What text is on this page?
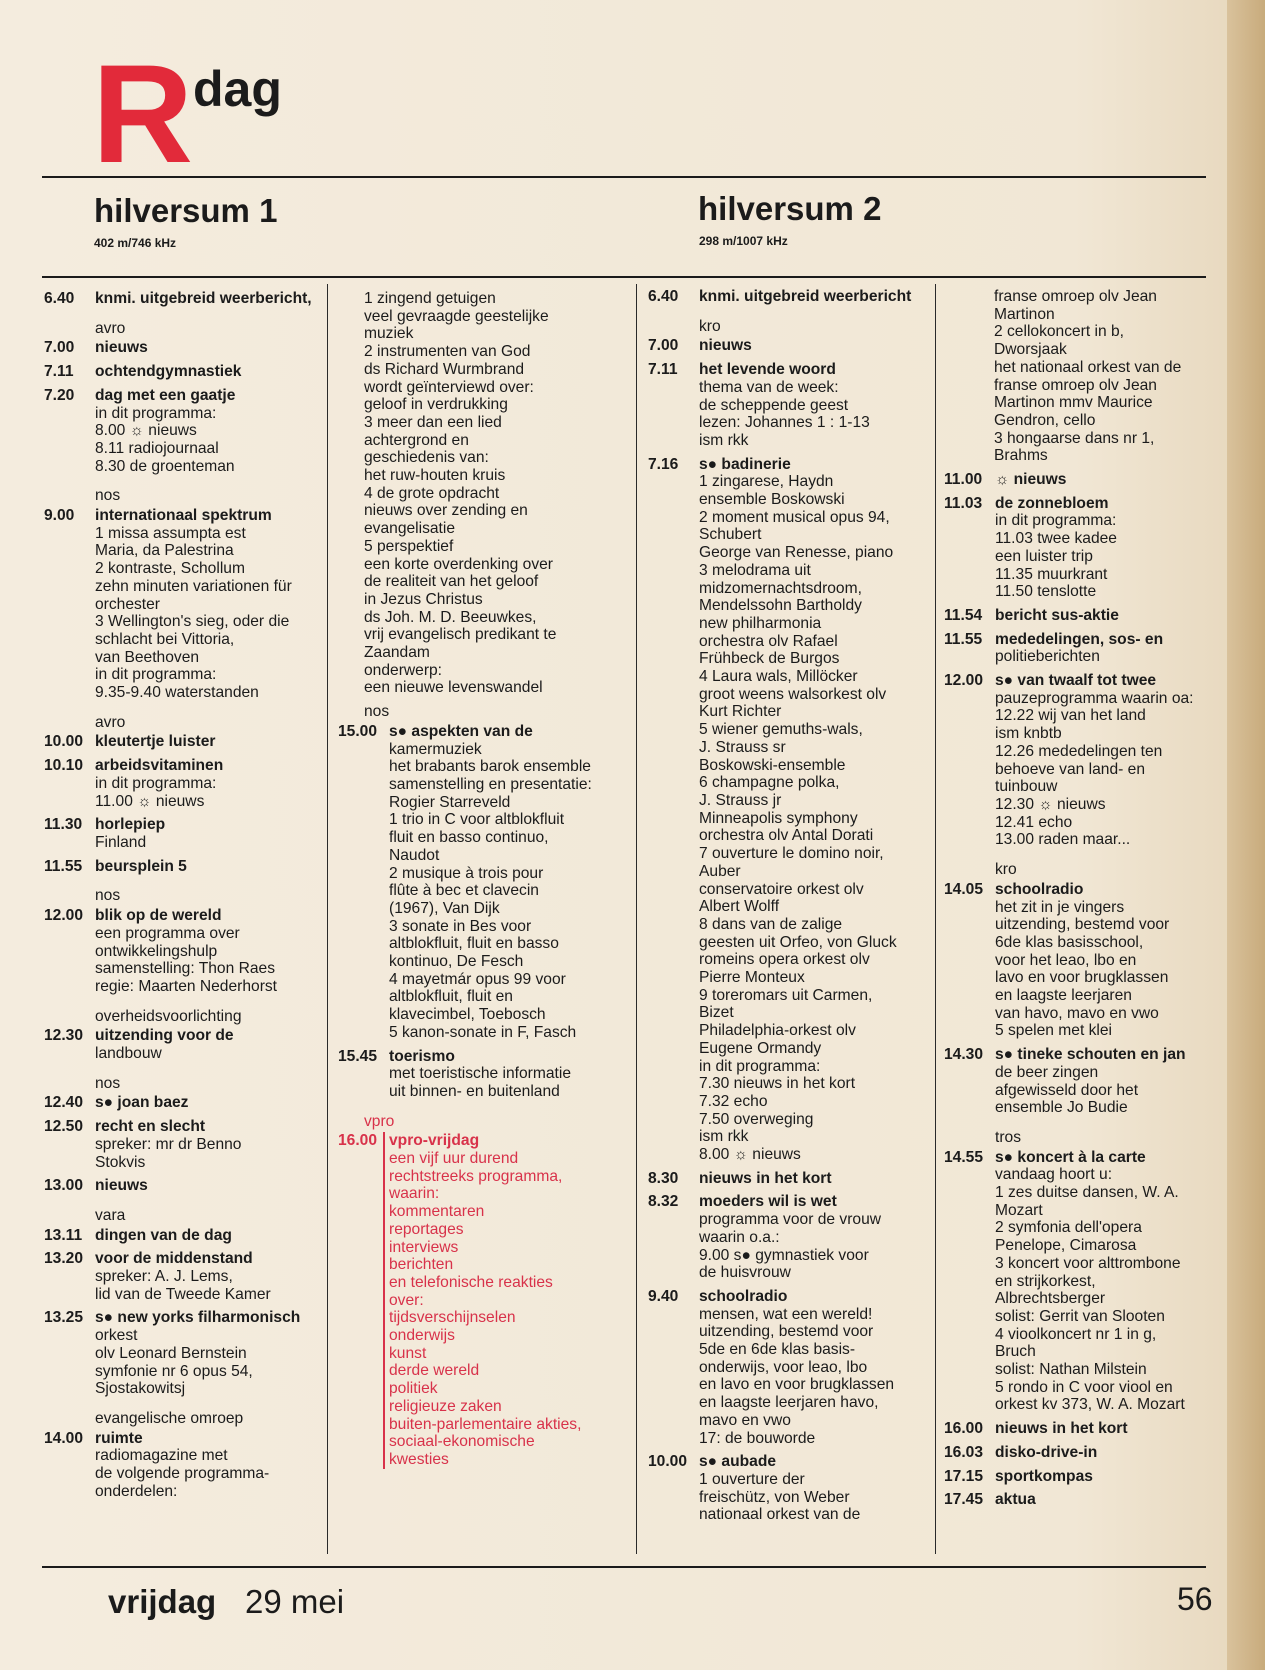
R dag
hilversum 1
402 m/746 kHz
hilversum 2
298 m/1007 kHz
6.40 knmi. uitgebreid weerbericht,
avro
7.00 nieuws
7.11 ochtendgymnastiek
7.20 dag met een gaatje
in dit programma:
8.00 ☼ nieuws
8.11 radiojournaal
8.30 de groenteman
nos
9.00 internationaal spektrum
1 missa assumpta est
Maria, da Palestrina
2 kontraste, Schollum
zehn minuten variationen für
orchester
3 Wellington's sieg, oder die
schlacht bei Vittoria,
van Beethoven
in dit programma:
9.35-9.40 waterstanden
avro
10.00 kleutertje luister
10.10 arbeidsvitaminen
in dit programma:
11.00 ☼ nieuws
11.30 horlepiep
Finland
11.55 beursplein 5
nos
12.00 blik op de wereld
een programma over
ontwikkelingshulp
samenstelling: Thon Raes
regie: Maarten Nederhorst
overheidsvoorlichting
12.30 uitzending voor de
landbouw
nos
12.40 s● joan baez
12.50 recht en slecht
spreker: mr dr Benno
Stokvis
13.00 nieuws
vara
13.11 dingen van de dag
13.20 voor de middenstand
spreker: A. J. Lems,
lid van de Tweede Kamer
13.25 s● new yorks filharmonisch
orkest
olv Leonard Bernstein
symfonie nr 6 opus 54,
Sjostakowitsj
evangelische omroep
14.00 ruimte
radiomagazine met
de volgende programma-
onderdelen:
1 zingend getuigen
veel gevraagde geestelijke
muziek
2 instrumenten van God
ds Richard Wurmbrand
wordt geïnterviewd over:
geloof in verdrukking
3 meer dan een lied
achtergrond en
geschiedenis van:
het ruw-houten kruis
4 de grote opdracht
nieuws over zending en
evangelisatie
5 perspektief
een korte overdenking over
de realiteit van het geloof
in Jezus Christus
ds Joh. M. D. Beeuwkes,
vrij evangelisch predikant te
Zaandam
onderwerp:
een nieuwe levenswandel
nos
15.00 s● aspekten van de
kamermuziek
het brabants barok ensemble
samenstelling en presentatie:
Rogier Starreveld
1 trio in C voor altblokfluit
fluit en basso continuo,
Naudot
2 musique à trois pour
flûte à bec et clavecin
(1967), Van Dijk
3 sonate in Bes voor
altblokfluit, fluit en basso
kontinuo, De Fesch
4 mayetmár opus 99 voor
altblokfluit, fluit en
klavecimbel, Toebosch
5 kanon-sonate in F, Fasch
15.45 toerismo
met toeristische informatie
uit binnen- en buitenland
vpro
16.00 vpro-vrijdag
een vijf uur durend
rechtstreeks programma,
waarin:
kommentaren
reportages
interviews
berichten
en telefonische reakties
over:
tijdsverschijnselen
onderwijs
kunst
derde wereld
politiek
religieuze zaken
buiten-parlementaire akties,
sociaal-ekonomische
kwesties
6.40 knmi. uitgebreid weerbericht
kro
7.00 nieuws
7.11 het levende woord
thema van de week:
de scheppende geest
lezen: Johannes 1 : 1-13
ism rkk
7.16 s● badinerie
1 zingarese, Haydn
ensemble Boskowski
2 moment musical opus 94,
Schubert
George van Renesse, piano
3 melodrama uit
midzomernachtsdroom,
Mendelssohn Bartholdy
new philharmonia
orchestra olv Rafael
Frühbeck de Burgos
4 Laura wals, Millöcker
groot weens walsorkest olv
Kurt Richter
5 wiener gemuths-wals,
J. Strauss sr
Boskowski-ensemble
6 champagne polka,
J. Strauss jr
Minneapolis symphony
orchestra olv Antal Dorati
7 ouverture le domino noir,
Auber
conservatoire orkest olv
Albert Wolff
8 dans van de zalige
geesten uit Orfeo, von Gluck
romeins opera orkest olv
Pierre Monteux
9 toreromars uit Carmen,
Bizet
Philadelphia-orkest olv
Eugene Ormandy
in dit programma:
7.30 nieuws in het kort
7.32 echo
7.50 overweging
ism rkk
8.00 ☼ nieuws
8.30 nieuws in het kort
8.32 moeders wil is wet
programma voor de vrouw
waarin o.a.:
9.00 s● gymnastiek voor
de huisvrouw
9.40 schoolradio
mensen, wat een wereld!
uitzending, bestemd voor
5de en 6de klas basis-
onderwijs, voor leao, lbo
en lavo en voor brugklassen
en laagste leerjaren havo,
mavo en vwo
17: de bouworde
10.00 s● aubade
1 ouverture der
freischütz, von Weber
nationaal orkest van de
franse omroep olv Jean
Martinon
2 cellokoncert in b,
Dworsjaak
het nationaal orkest van de
franse omroep olv Jean
Martinon mmv Maurice
Gendron, cello
3 hongaarse dans nr 1,
Brahms
11.00 ☼ nieuws
11.03 de zonnebloem
in dit programma:
11.03 twee kadee
een luister trip
11.35 muurkrant
11.50 tenslotte
11.54 bericht sus-aktie
11.55 mededelingen, sos- en
politieberichten
12.00 s● van twaalf tot twee
pauzeprogramma waarin oa:
12.22 wij van het land
ism knbtb
12.26 mededelingen ten
behoeve van land- en
tuinbouw
12.30 ☼ nieuws
12.41 echo
13.00 raden maar...
kro
14.05 schoolradio
het zit in je vingers
uitzending, bestemd voor
6de klas basisschool,
voor het leao, lbo en
lavo en voor brugklassen
en laagste leerjaren
van havo, mavo en vwo
5 spelen met klei
14.30 s● tineke schouten en jan
de beer zingen
afgewisseld door het
ensemble Jo Budie
tros
14.55 s● koncert à la carte
vandaag hoort u:
1 zes duitse dansen, W. A.
Mozart
2 symfonia dell'opera
Penelope, Cimarosa
3 koncert voor alttrombone
en strijkorkest,
Albrechtsberger
solist: Gerrit van Slooten
4 vioolkoncert nr 1 in g,
Bruch
solist: Nathan Milstein
5 rondo in C voor viool en
orkest kv 373, W. A. Mozart
16.00 nieuws in het kort
16.03 disko-drive-in
17.15 sportkompas
17.45 aktua
vrijdag 29 mei	56
